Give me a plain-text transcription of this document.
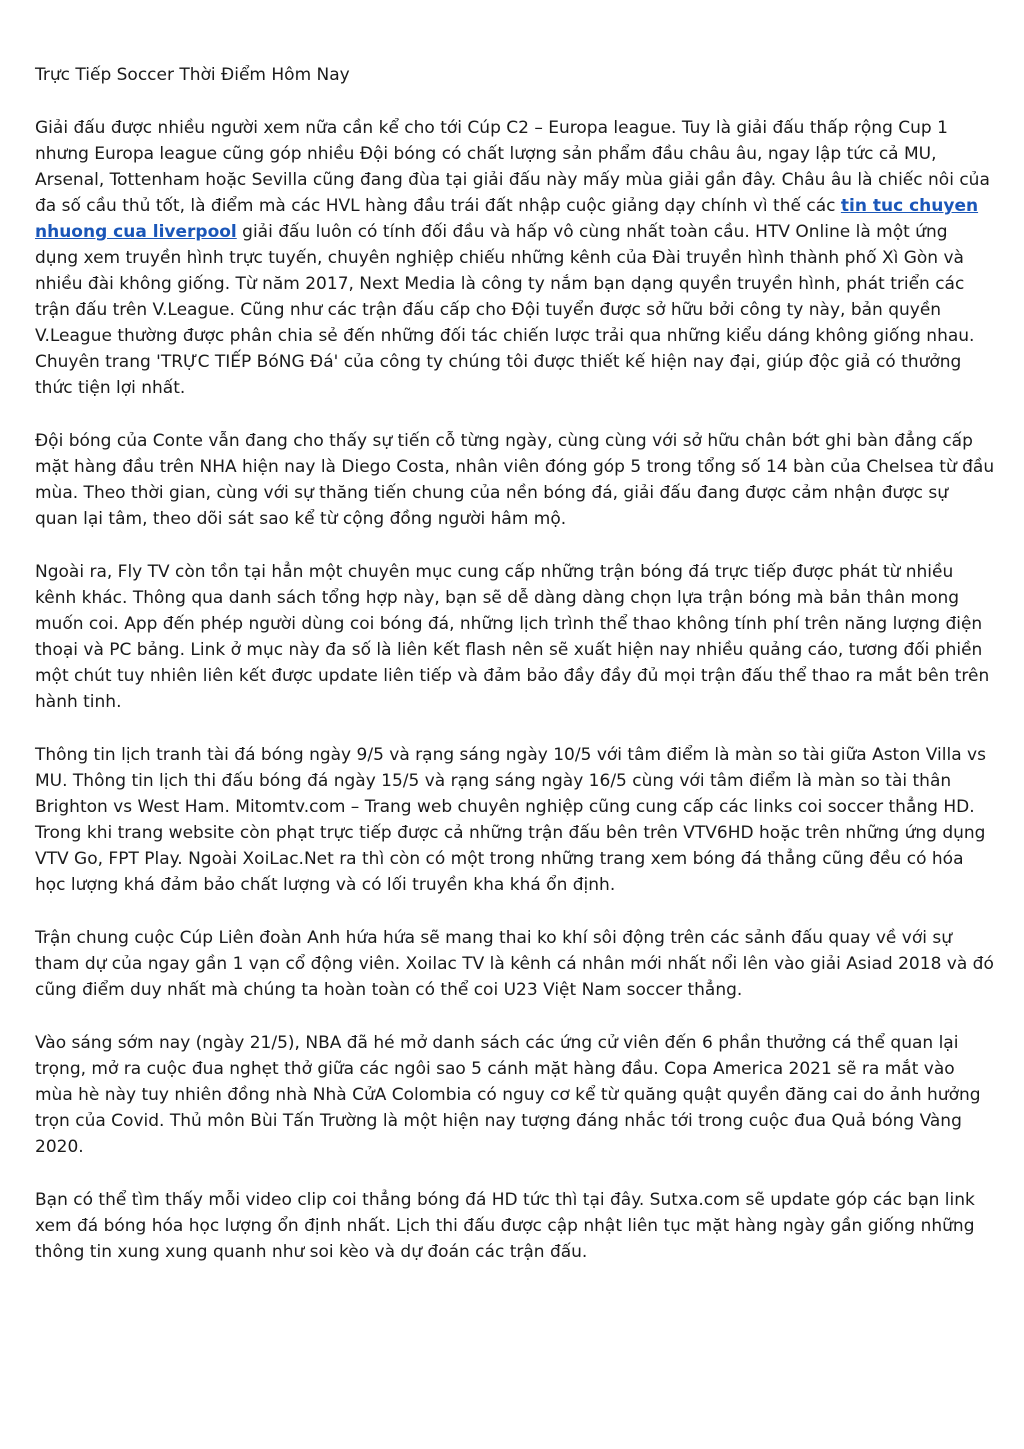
Trực Tiếp Soccer Thời Điểm Hôm Nay

Giải đấu được nhiều người xem nữa cần kể cho tới Cúp C2 – Europa league. Tuy là giải đấu thấp rộng Cup 1 nhưng Europa league cũng góp nhiều Đội bóng có chất lượng sản phẩm đầu châu âu, ngay lập tức cả MU, Arsenal, Tottenham hoặc Sevilla cũng đang đùa tại giải đấu này mấy mùa giải gần đây. Châu âu là chiếc nôi của đa số cầu thủ tốt, là điểm mà các HVL hàng đầu trái đất nhập cuộc giảng dạy chính vì thế các tin tuc chuyen nhuong cua liverpool giải đấu luôn có tính đối đầu và hấp vô cùng nhất toàn cầu. HTV Online là một ứng dụng xem truyền hình trực tuyến, chuyên nghiệp chiếu những kênh của Đài truyền hình thành phố Xì Gòn và nhiều đài không giống. Từ năm 2017, Next Media là công ty nắm bạn dạng quyền truyền hình, phát triển các trận đấu trên V.League. Cũng như các trận đấu cấp cho Đội tuyển được sở hữu bởi công ty này, bản quyền V.League thường được phân chia sẻ đến những đối tác chiến lược trải qua những kiểu dáng không giống nhau. Chuyên trang 'TRỰC TIẾP BóNG Đá' của công ty chúng tôi được thiết kế hiện nay đại, giúp độc giả có thưởng thức tiện lợi nhất.

Đội bóng của Conte vẫn đang cho thấy sự tiến cỗ từng ngày, cùng cùng với sở hữu chân bớt ghi bàn đẳng cấp mặt hàng đầu trên NHA hiện nay là Diego Costa, nhân viên đóng góp 5 trong tổng số 14 bàn của Chelsea từ đầu mùa. Theo thời gian, cùng với sự thăng tiến chung của nền bóng đá, giải đấu đang được cảm nhận được sự quan lại tâm, theo dõi sát sao kể từ cộng đồng người hâm mộ.

Ngoài ra, Fly TV còn tồn tại hẳn một chuyên mục cung cấp những trận bóng đá trực tiếp được phát từ nhiều kênh khác. Thông qua danh sách tổng hợp này, bạn sẽ dễ dàng dàng chọn lựa trận bóng mà bản thân mong muốn coi. App đến phép người dùng coi bóng đá, những lịch trình thể thao không tính phí trên năng lượng điện thoại và PC bảng. Link ở mục này đa số là liên kết flash nên sẽ xuất hiện nay nhiều quảng cáo, tương đối phiền một chút tuy nhiên liên kết được update liên tiếp và đảm bảo đầy đầy đủ mọi trận đấu thể thao ra mắt bên trên hành tinh.

Thông tin lịch tranh tài đá bóng ngày 9/5 và rạng sáng ngày 10/5 với tâm điểm là màn so tài giữa Aston Villa vs MU. Thông tin lịch thi đấu bóng đá ngày 15/5 và rạng sáng ngày 16/5 cùng với tâm điểm là màn so tài thân Brighton vs West Ham. Mitomtv.com – Trang web chuyên nghiệp cũng cung cấp các links coi soccer thẳng HD. Trong khi trang website còn phạt trực tiếp được cả những trận đấu bên trên VTV6HD hoặc trên những ứng dụng VTV Go, FPT Play. Ngoài XoiLac.Net ra thì còn có một trong những trang xem bóng đá thẳng cũng đều có hóa học lượng khá đảm bảo chất lượng và có lối truyền kha khá ổn định.

Trận chung cuộc Cúp Liên đoàn Anh hứa hứa sẽ mang thai ko khí sôi động trên các sảnh đấu quay về với sự tham dự của ngay gần 1 vạn cổ động viên. Xoilac TV là kênh cá nhân mới nhất nổi lên vào giải Asiad 2018 và đó cũng điểm duy nhất mà chúng ta hoàn toàn có thể coi U23 Việt Nam soccer thẳng.

Vào sáng sớm nay (ngày 21/5), NBA đã hé mở danh sách các ứng cử viên đến 6 phần thưởng cá thể quan lại trọng, mở ra cuộc đua nghẹt thở giữa các ngôi sao 5 cánh mặt hàng đầu. Copa America 2021 sẽ ra mắt vào mùa hè này tuy nhiên đồng nhà Nhà CửA Colombia có nguy cơ kể từ quăng quật quyền đăng cai do ảnh hưởng trọn của Covid. Thủ môn Bùi Tấn Trường là một hiện nay tượng đáng nhắc tới trong cuộc đua Quả bóng Vàng 2020.

Bạn có thể tìm thấy mỗi video clip coi thẳng bóng đá HD tức thì tại đây. Sutxa.com sẽ update góp các bạn link xem đá bóng hóa học lượng ổn định nhất. Lịch thi đấu được cập nhật liên tục mặt hàng ngày gần giống những thông tin xung xung quanh như soi kèo và dự đoán các trận đấu.
